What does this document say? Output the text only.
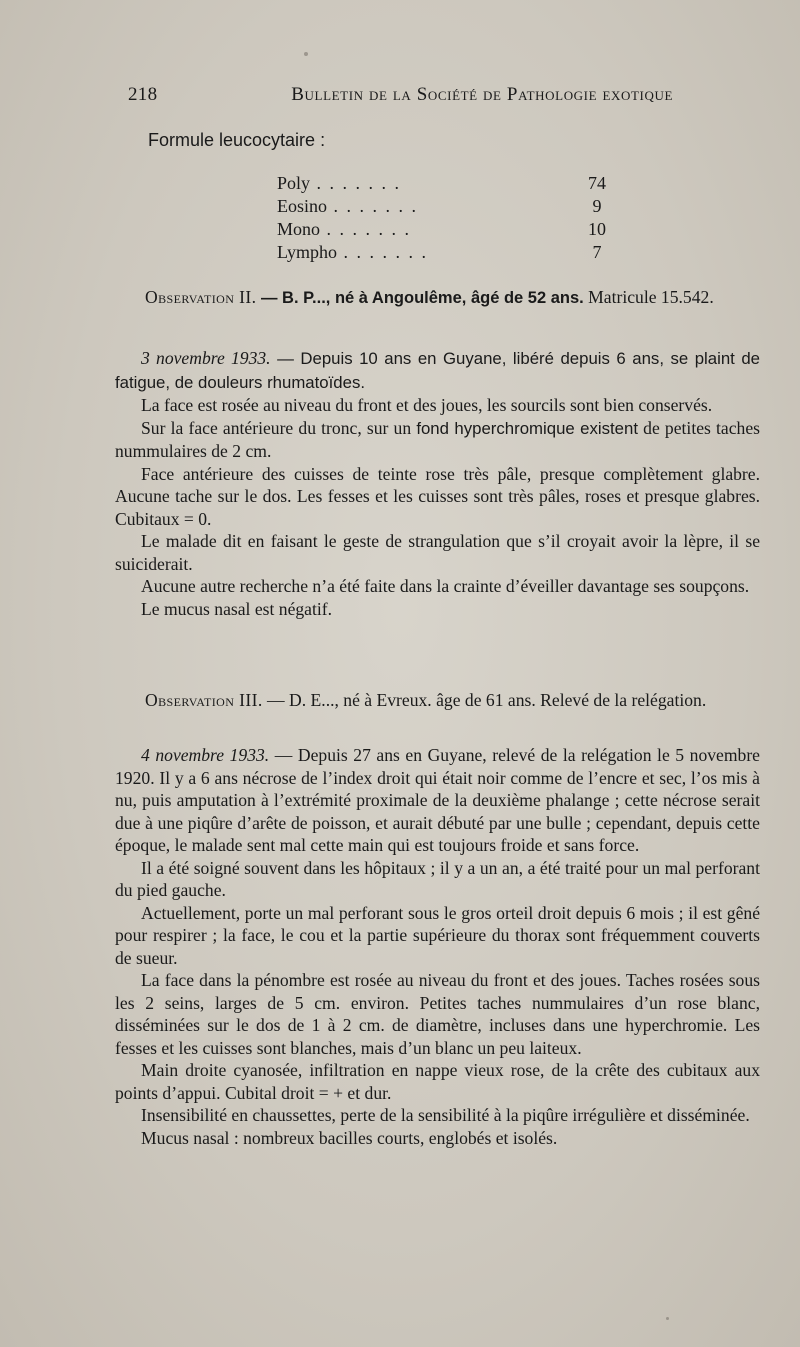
218	Bulletin de la Société de Pathologie exotique
Formule leucocytaire :
Poly . . .	74
Eosino . . .	9
Mono . . .	10
Lympho . . .	7

Observation II. — B. P..., né à Angoulême, âgé de 52 ans. Matricule 15.542.

3 novembre 1933. — Depuis 10 ans en Guyane, libéré depuis 6 ans, se plaint de fatigue, de douleurs rhumatoïdes.

La face est rosée au niveau du front et des joues, les sourcils sont bien conservés.

Sur la face antérieure du tronc, sur un fond hyperchromique existent de petites taches nummulaires de 2 cm.

Face antérieure des cuisses de teinte rose très pâle, presque complètement glabre. Aucune tache sur le dos. Les fesses et les cuisses sont très pâles, roses et presque glabres. Cubitaux = 0.

Le malade dit en faisant le geste de strangulation que s’il croyait avoir la lèpre, il se suiciderait.

Aucune autre recherche n’a été faite dans la crainte d’éveiller davantage ses soupçons.

Le mucus nasal est négatif.

Observation III. — D. E..., né à Evreux. âge de 61 ans. Relevé de la relégation.

4 novembre 1933. — Depuis 27 ans en Guyane, relevé de la relégation le 5 novembre 1920. Il y a 6 ans nécrose de l’index droit qui était noir comme de l’encre et sec, l’os mis à nu, puis amputation à l’extrémité proximale de la deuxième phalange ; cette nécrose serait due à une piqûre d’arête de poisson, et aurait débuté par une bulle ; cependant, depuis cette époque, le malade sent mal cette main qui est toujours froide et sans force.

Il a été soigné souvent dans les hôpitaux ; il y a un an, a été traité pour un mal perforant du pied gauche.

Actuellement, porte un mal perforant sous le gros orteil droit depuis 6 mois ; il est gêné pour respirer ; la face, le cou et la partie supérieure du thorax sont fréquemment couverts de sueur.

La face dans la pénombre est rosée au niveau du front et des joues. Taches rosées sous les 2 seins, larges de 5 cm. environ. Petites taches nummulaires d’un rose blanc, disséminées sur le dos de 1 à 2 cm. de diamètre, incluses dans une hyperchromie. Les fesses et les cuisses sont blanches, mais d’un blanc un peu laiteux.

Main droite cyanosée, infiltration en nappe vieux rose, de la crête des cubitaux aux points d’appui. Cubital droit = + et dur.

Insensibilité en chaussettes, perte de la sensibilité à la piqûre irrégulière et disséminée.

Mucus nasal : nombreux bacilles courts, englobés et isolés.
